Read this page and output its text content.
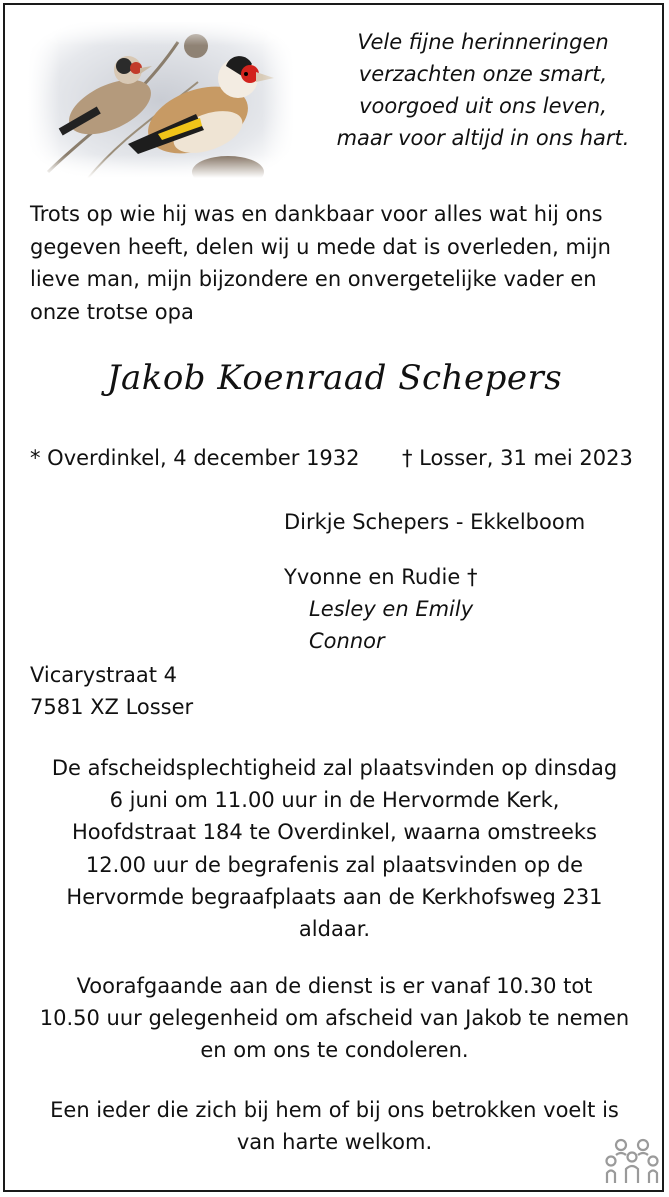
Vele fijne herinneringen
verzachten onze smart,
voorgoed uit ons leven,
maar voor altijd in ons hart.
Trots op wie hij was en dankbaar voor alles wat hij ons
gegeven heeft, delen wij u mede dat is overleden, mijn
lieve man, mijn bijzondere en onvergetelijke vader en
onze trotse opa
Jakob Koenraad Schepers
* Overdinkel, 4 december 1932 † Losser, 31 mei 2023
Dirkje Schepers - Ekkelboom
Yvonne en Rudie †
Lesley en Emily
Connor
Vicarystraat 4
7581 XZ Losser
De afscheidsplechtigheid zal plaatsvinden op dinsdag
6 juni om 11.00 uur in de Hervormde Kerk,
Hoofdstraat 184 te Overdinkel, waarna omstreeks
12.00 uur de begrafenis zal plaatsvinden op de
Hervormde begraafplaats aan de Kerkhofsweg 231
aldaar.
Voorafgaande aan de dienst is er vanaf 10.30 tot
10.50 uur gelegenheid om afscheid van Jakob te nemen
en om ons te condoleren.
Een ieder die zich bij hem of bij ons betrokken voelt is
van harte welkom.
